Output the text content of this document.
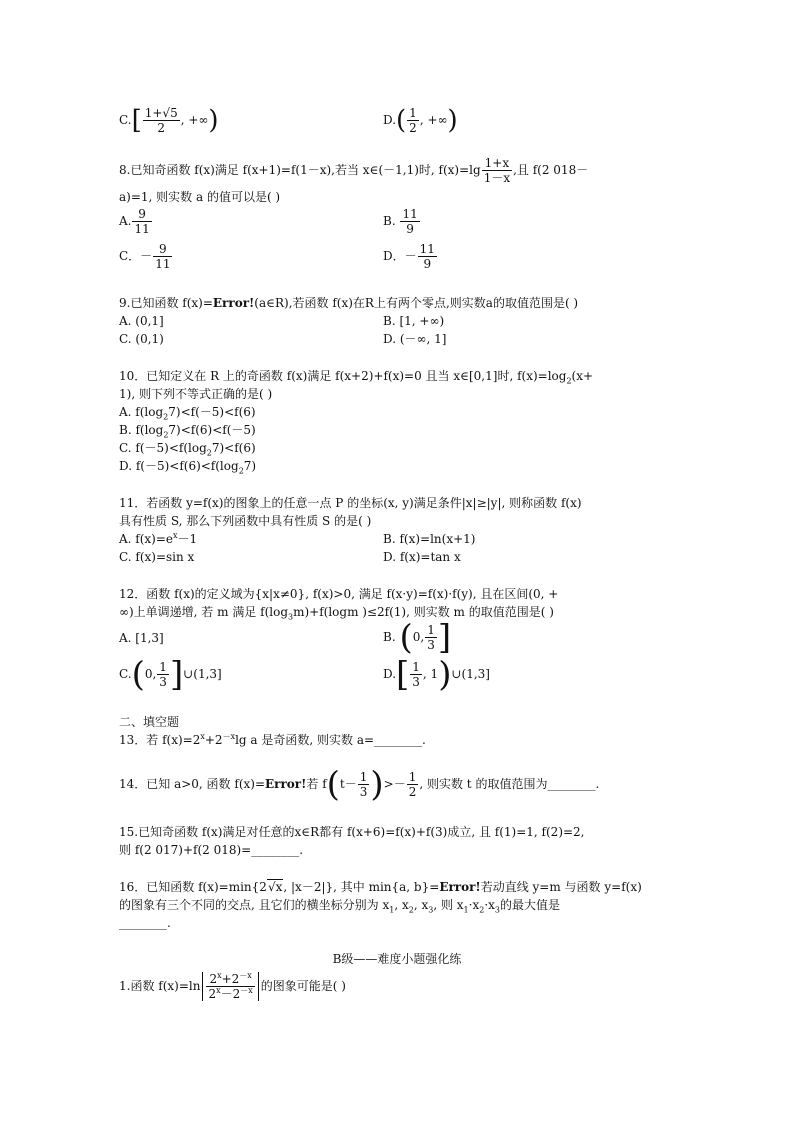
$C.[ \frac{1+√5}{2}$ , +∞)	$D.( \frac{1}{2}$ , +∞)
8.已知奇函数 f(x)满足 f(x+1)=f(1－x),若当 x∈(－1,1)时, $f(x)=\lg \frac{1+x}{1-x}$ ,且 f(2 018－
a)=1, 则实数 a 的值可以是( )
A. $\frac{9}{11}$	B. $\frac{11}{9}$
C．－ $\frac{9}{11}$	D．－ $\frac{11}{9}$
9.已知函数 f(x)=Error!(a∈R),若函数 f(x)在R上有两个零点,则实数a的取值范围是( )
A. (0,1]	B. [1, +∞)
C. (0,1)	D. (－∞, 1]
10．已知定义在 R 上的奇函数 f(x)满足 f(x+2)+f(x)=0 且当 x∈[0,1]时, $f(x)=\log_2(x+$
1), 则下列不等式正确的是( )
A. $f(\log_27)<f(-5)<f(6)$
B. $f(\log_27)<f(6)<f(-5)$
C. $f(-5)<f(\log_27)<f(6)$
D. $f(-5)<f(6)<f(\log_27)$
11．若函数 y=f(x)的图象上的任意一点 P 的坐标(x, y)满足条件|x|≥|y|, 则称函数 f(x)
具有性质 S, 那么下列函数中具有性质 S 的是( )
A. $f(x)=e^x-1$	B. f(x)=ln(x+1)
C. f(x)=sin x	D. f(x)=tan x
12．函数 f(x)的定义域为{x|x≠0}, f(x)>0, 满足 f(x·y)=f(x)·f(y), 且在区间(0, +
∞)上单调递增, 若 m 满足 $f(\log_3m)+f(\log m$ )≤2f(1), 则实数 m 的取值范围是( )
A. [1,3]	B. (0, $\frac{1}{3}$ ]
C.(0, $\frac{1}{3}$ ]∪(1,3]	$D.[ \frac{1}{3}$ , 1)∪(1,3]
二、填空题
13．若 $f(x)=2^x+2^{-x}\lg$ a 是奇函数, 则实数 a=________.
14．已知 a>0, 函数 f(x)=Error!若 $f(t- \frac{1}{3}$ )>－ $\frac{1}{2}$ , 则实数 t 的取值范围为________.
15.已知奇函数 f(x)满足对任意的x∈R都有 f(x+6)=f(x)+f(3)成立, 且 f(1)=1, f(2)=2,
则 f(2 017)+f(2 018)=________.
16．已知函数 f(x)=min{2√x, |x－2|}, 其中 min{a, b}=Error!若动直线 y=m 与函数 y=f(x)
的图象有三个不同的交点, 且它们的横坐标分别为 $x_1$, $x_2$, $x_3$, 则 $x_1\cdot x_2\cdot x_3$的最大值是
________.
B级——难度小题强化练
1.函数 $f(x)=\ln \frac{2^x+2^{-x}}{2^x-2^{-x}}$ 的图象可能是( )
